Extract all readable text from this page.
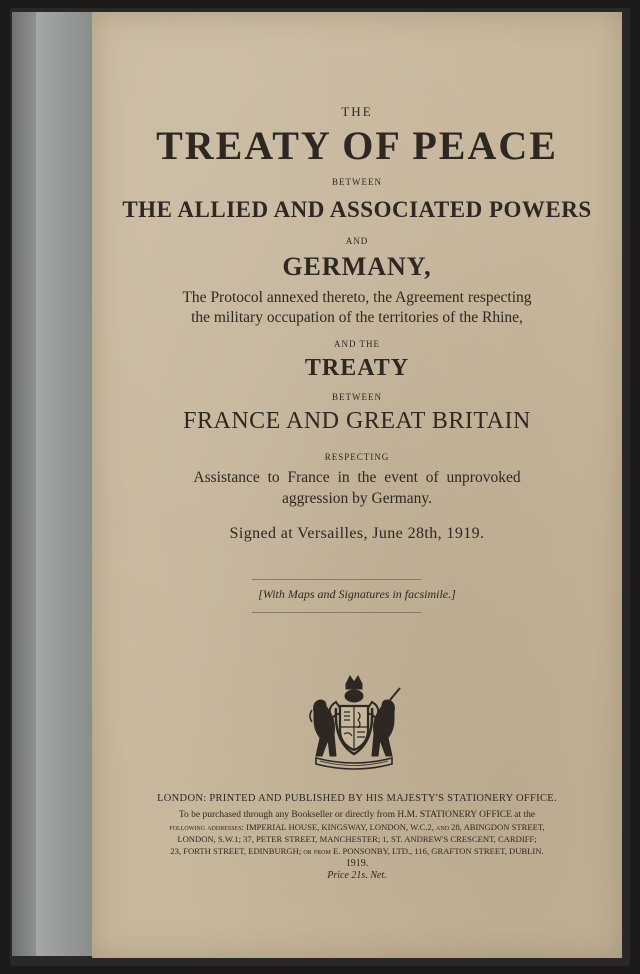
THE
TREATY OF PEACE
BETWEEN
THE ALLIED AND ASSOCIATED POWERS
AND
GERMANY,
The Protocol annexed thereto, the Agreement respecting
the military occupation of the territories of the Rhine,
AND THE
TREATY
BETWEEN
FRANCE AND GREAT BRITAIN
RESPECTING
Assistance to France in the event of unprovoked
aggression by Germany.
Signed at Versailles, June 28th, 1919.
[With Maps and Signatures in facsimile.]
LONDON: PRINTED AND PUBLISHED BY HIS MAJESTY'S STATIONERY OFFICE.
To be purchased through any Bookseller or directly from H.M. STATIONERY OFFICE at the
following addresses: IMPERIAL HOUSE, KINGSWAY, LONDON, W.C.2, and 28, ABINGDON STREET,
LONDON, S.W.1; 37, PETER STREET, MANCHESTER; 1, ST. ANDREW'S CRESCENT, CARDIFF;
23, FORTH STREET, EDINBURGH; or from E. PONSONBY, LTD., 116, GRAFTON STREET, DUBLIN.
1919.
Price 21s. Net.
